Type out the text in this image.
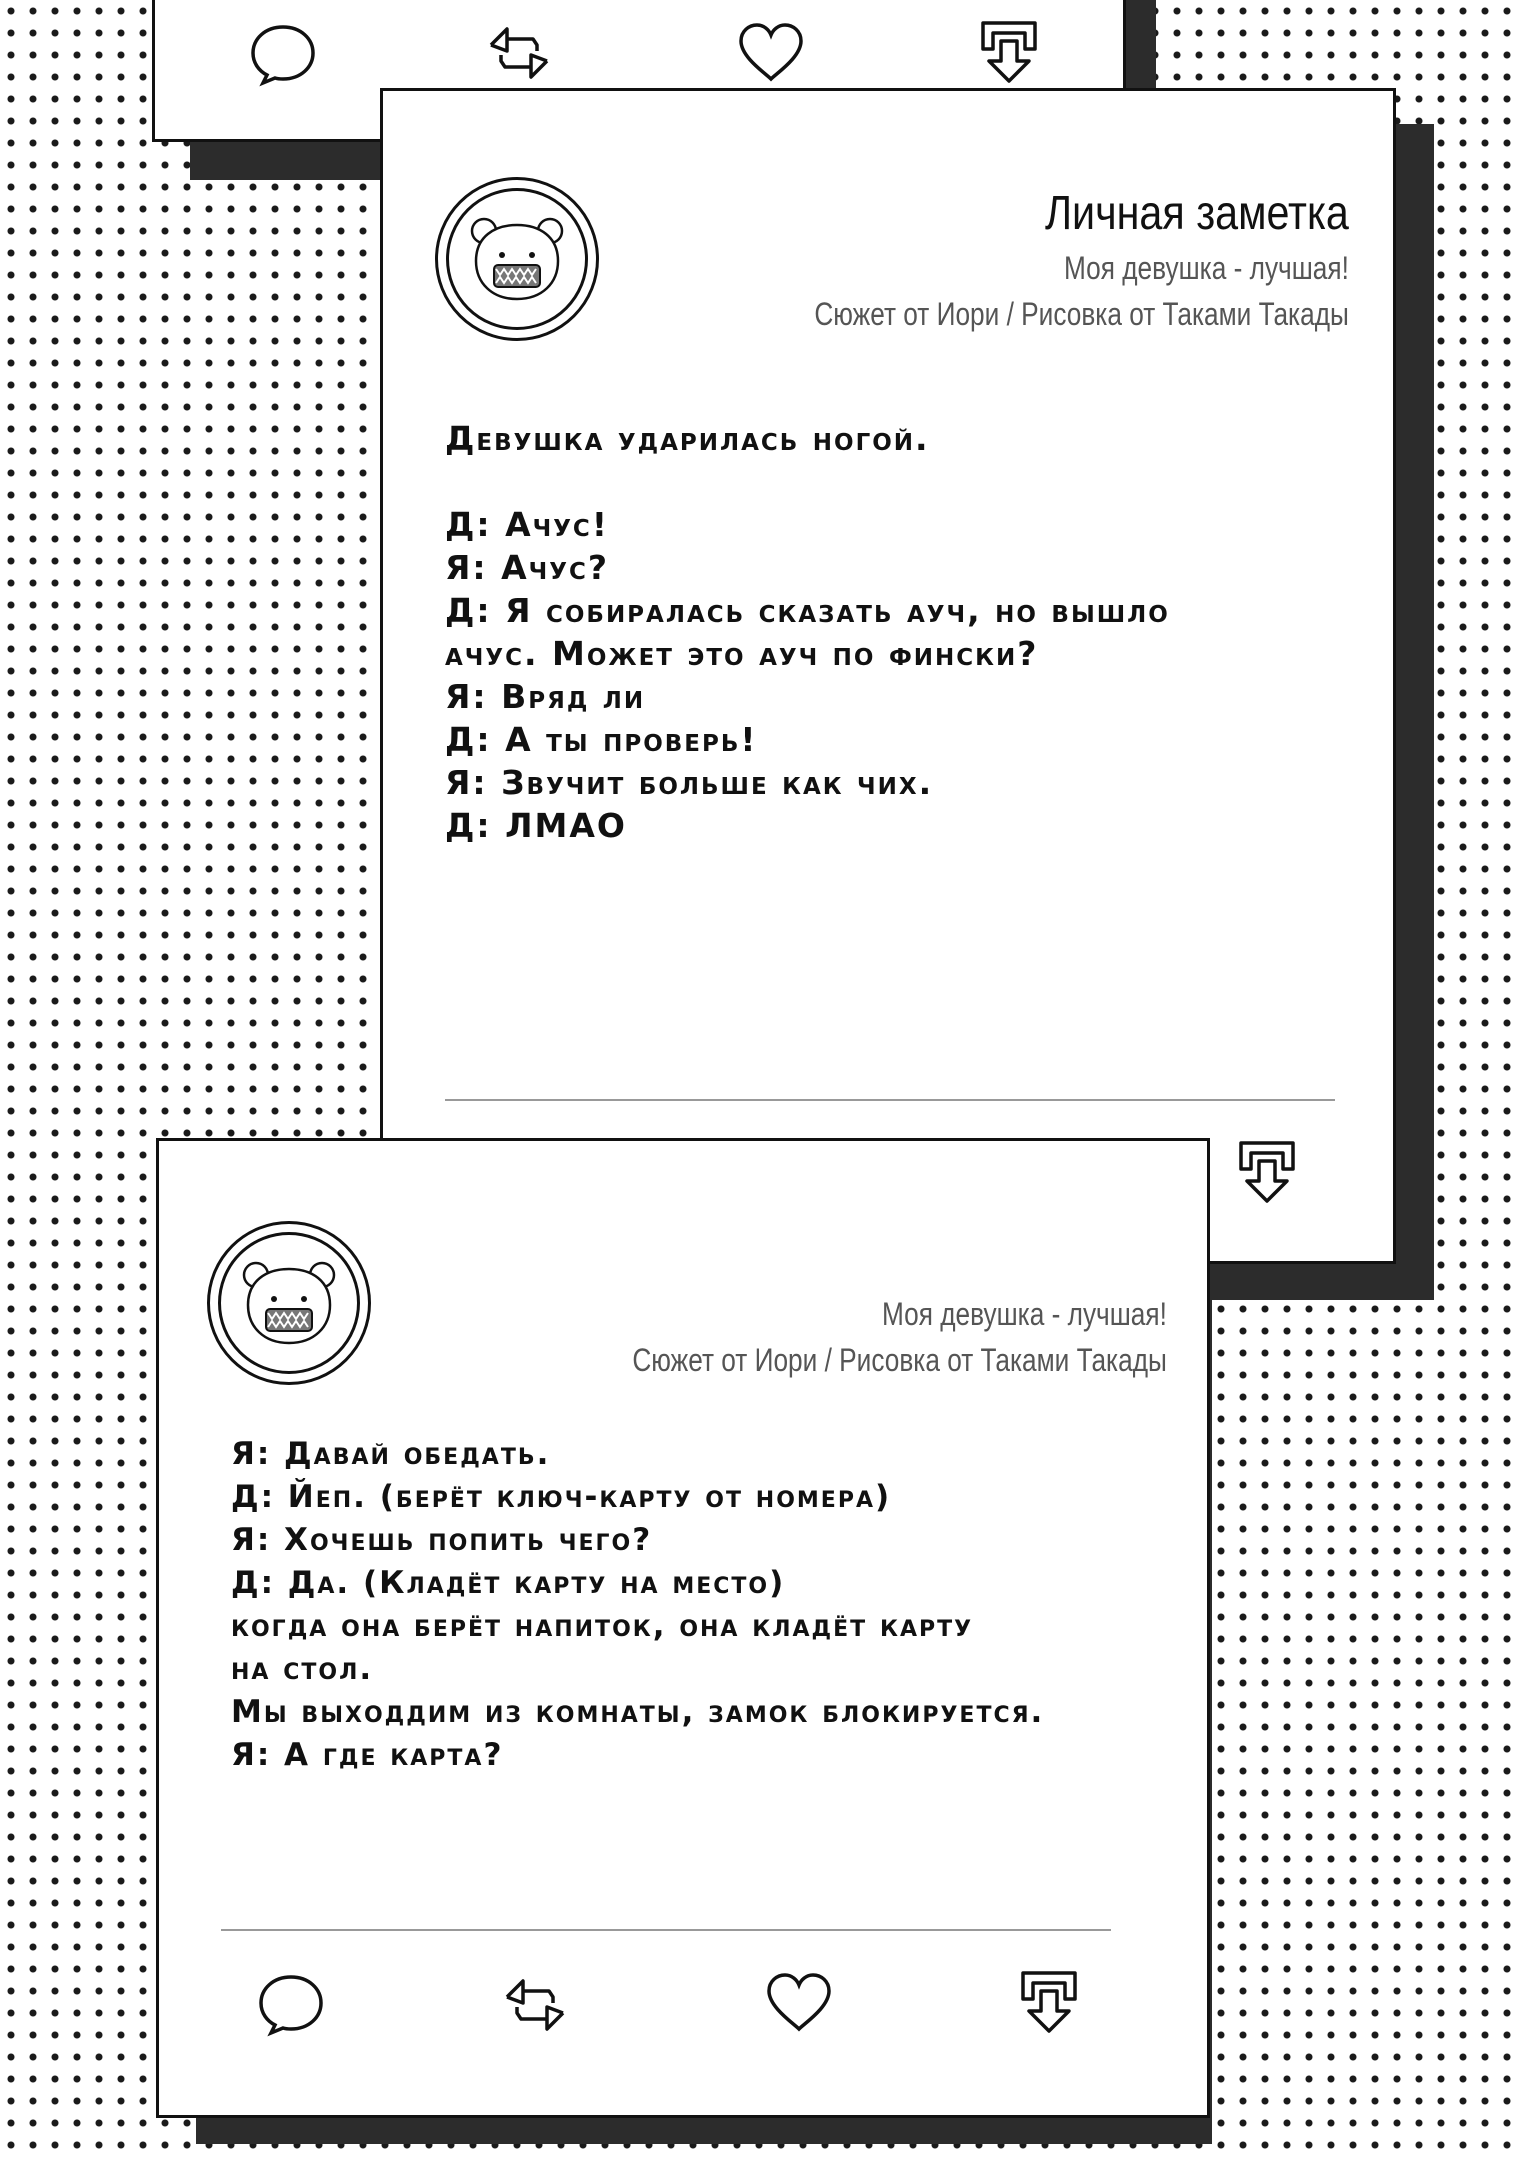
Личная заметка
Моя девушка - лучшая!
Сюжет от Иори / Рисовка от Таками Такады
Девушка ударилась ногой.

Д: Ачус!
Я: Ачус?
Д: Я собиралась сказать ауч, но вышло
ачус. Может это ауч по фински?
Я: Вряд ли
Д: А ты проверь!
Я: Звучит больше как чих.
Д: ЛМАО
Моя девушка - лучшая!
Сюжет от Иори / Рисовка от Таками Такады
Я: Давай обедать.
Д: Йеп. (берёт ключ-карту от номера)
Я: Хочешь попить чего?
Д: Да. (Кладёт карту на место)
когда она берёт напиток, она кладёт карту
на стол.
Мы выходдим из комнаты, замок блокируется.
Я: А где карта?
